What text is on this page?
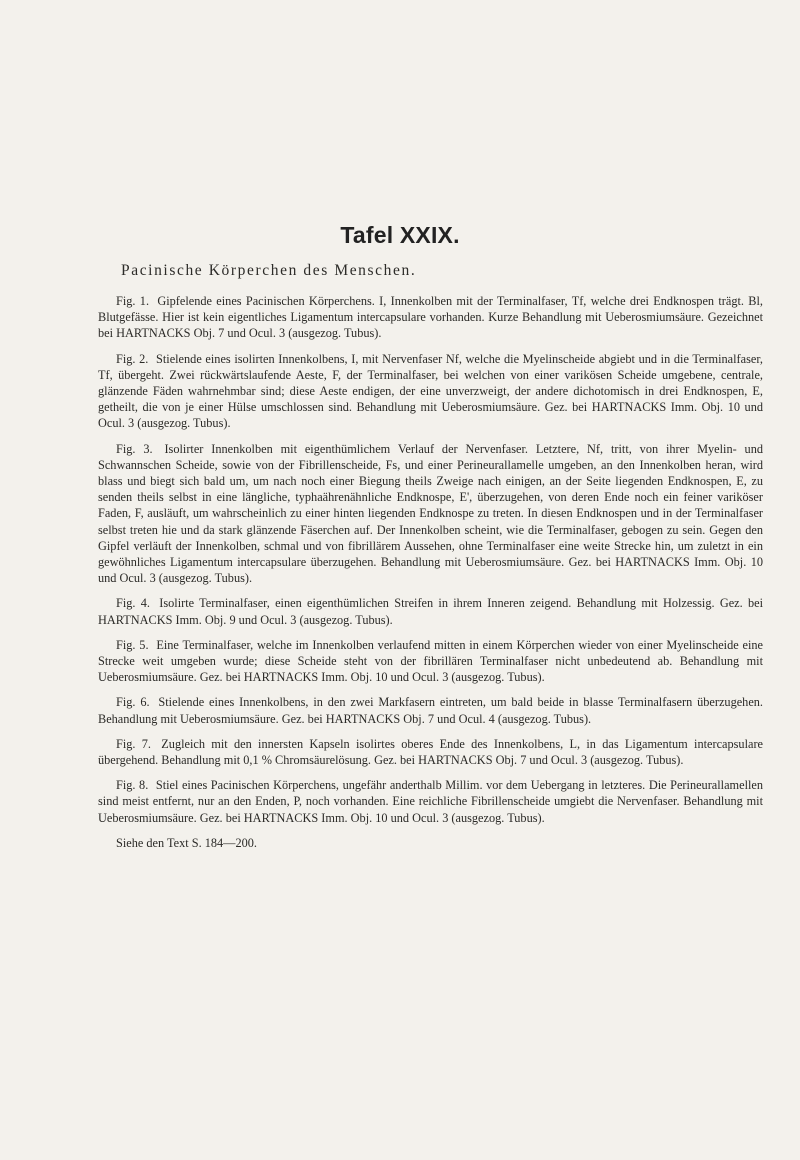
Tafel XXIX.
Pacinische Körperchen des Menschen.

Fig. 1. Gipfelende eines Pacinischen Körperchens. I, Innenkolben mit der Terminalfaser, Tf, welche drei Endknospen trägt. Bl, Blutgefässe. Hier ist kein eigentliches Ligamentum intercapsulare vorhanden. Kurze Behandlung mit Ueberosmiumsäure. Gezeichnet bei HARTNACKS Obj. 7 und Ocul. 3 (ausgezog. Tubus).

Fig. 2. Stielende eines isolirten Innenkolbens, I, mit Nervenfaser Nf, welche die Myelinscheide abgiebt und in die Terminalfaser, Tf, übergeht. Zwei rückwärtslaufende Aeste, F, der Terminalfaser, bei welchen von einer varikösen Scheide umgebene, centrale, glänzende Fäden wahrnehmbar sind; diese Aeste endigen, der eine unverzweigt, der andere dichotomisch in drei Endknospen, E, getheilt, die von je einer Hülse umschlossen sind. Behandlung mit Ueberosmiumsäure. Gez. bei HARTNACKS Imm. Obj. 10 und Ocul. 3 (ausgezog. Tubus).

Fig. 3. Isolirter Innenkolben mit eigenthümlichem Verlauf der Nervenfaser. Letztere, Nf, tritt, von ihrer Myelin- und Schwannschen Scheide, sowie von der Fibrillenscheide, Fs, und einer Perineurallamelle umgeben, an den Innenkolben heran, wird blass und biegt sich bald um, um nach noch einer Biegung theils Zweige nach einigen, an der Seite liegenden Endknospen, E, zu senden theils selbst in eine längliche, typhaährenähnliche Endknospe, E', überzugehen, von deren Ende noch ein feiner variköser Faden, F, ausläuft, um wahrscheinlich zu einer hinten liegenden Endknospe zu treten. In diesen Endknospen und in der Terminalfaser selbst treten hie und da stark glänzende Fäserchen auf. Der Innenkolben scheint, wie die Terminalfaser, gebogen zu sein. Gegen den Gipfel verläuft der Innenkolben, schmal und von fibrillärem Aussehen, ohne Terminalfaser eine weite Strecke hin, um zuletzt in ein gewöhnliches Ligamentum intercapsulare überzugehen. Behandlung mit Ueberosmiumsäure. Gez. bei HARTNACKS Imm. Obj. 10 und Ocul. 3 (ausgezog. Tubus).

Fig. 4. Isolirte Terminalfaser, einen eigenthümlichen Streifen in ihrem Inneren zeigend. Behandlung mit Holzessig. Gez. bei HARTNACKS Imm. Obj. 9 und Ocul. 3 (ausgezog. Tubus).

Fig. 5. Eine Terminalfaser, welche im Innenkolben verlaufend mitten in einem Körperchen wieder von einer Myelinscheide eine Strecke weit umgeben wurde; diese Scheide steht von der fibrillären Terminalfaser nicht unbedeutend ab. Behandlung mit Ueberosmiumsäure. Gez. bei HARTNACKS Imm. Obj. 10 und Ocul. 3 (ausgezog. Tubus).

Fig. 6. Stielende eines Innenkolbens, in den zwei Markfasern eintreten, um bald beide in blasse Terminalfasern überzugehen. Behandlung mit Ueberosmiumsäure. Gez. bei HARTNACKS Obj. 7 und Ocul. 4 (ausgezog. Tubus).

Fig. 7. Zugleich mit den innersten Kapseln isolirtes oberes Ende des Innenkolbens, L, in das Ligamentum intercapsulare übergehend. Behandlung mit 0,1 % Chromsäurelösung. Gez. bei HARTNACKS Obj. 7 und Ocul. 3 (ausgezog. Tubus).

Fig. 8. Stiel eines Pacinischen Körperchens, ungefähr anderthalb Millim. vor dem Uebergang in letzteres. Die Perineurallamellen sind meist entfernt, nur an den Enden, P, noch vorhanden. Eine reichliche Fibrillenscheide umgiebt die Nervenfaser. Behandlung mit Ueberosmiumsäure. Gez. bei HARTNACKS Imm. Obj. 10 und Ocul. 3 (ausgezog. Tubus).

Siehe den Text S. 184—200.
